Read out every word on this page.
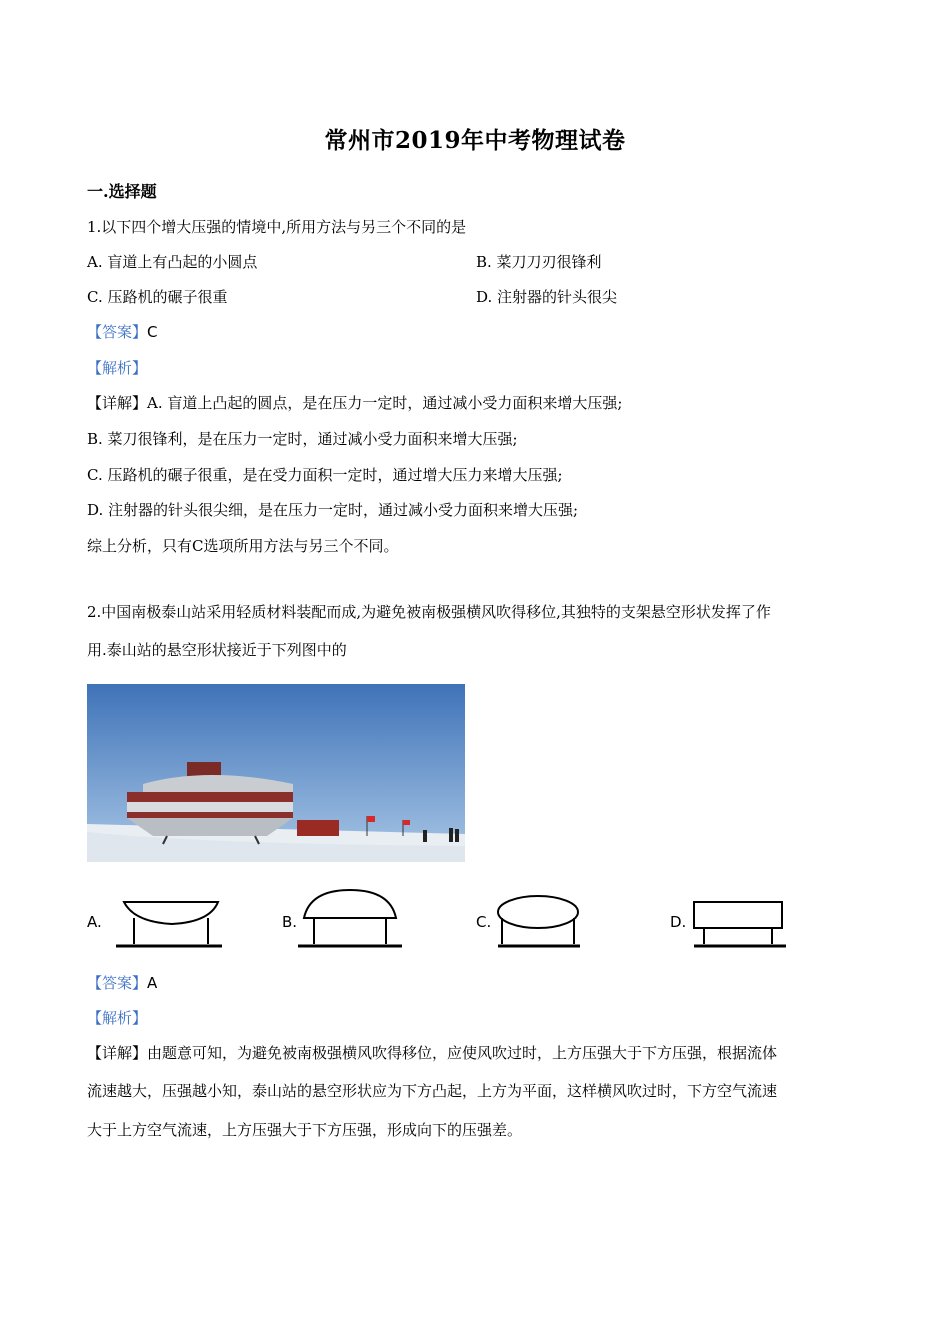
常州市2019年中考物理试卷
一.选择题
1.以下四个增大压强的情境中,所用方法与另三个不同的是
A. 盲道上有凸起的小圆点	B. 菜刀刀刃很锋利
C. 压路机的碾子很重	D. 注射器的针头很尖
【答案】C
【解析】
【详解】A. 盲道上凸起的圆点，是在压力一定时，通过减小受力面积来增大压强;
B. 菜刀很锋利，是在压力一定时，通过减小受力面积来增大压强;
C. 压路机的碾子很重，是在受力面积一定时，通过增大压力来增大压强;
D. 注射器的针头很尖细，是在压力一定时，通过减小受力面积来增大压强;
综上分析，只有C选项所用方法与另三个不同。
2.中国南极泰山站采用轻质材料装配而成,为避免被南极强横风吹得移位,其独特的支架悬空形状发挥了作
用.泰山站的悬空形状接近于下列图中的
A.	B.	C.	D.
【答案】A
【解析】
【详解】由题意可知，为避免被南极强横风吹得移位，应使风吹过时，上方压强大于下方压强，根据流体
流速越大，压强越小知，泰山站的悬空形状应为下方凸起，上方为平面，这样横风吹过时，下方空气流速
大于上方空气流速，上方压强大于下方压强，形成向下的压强差。
